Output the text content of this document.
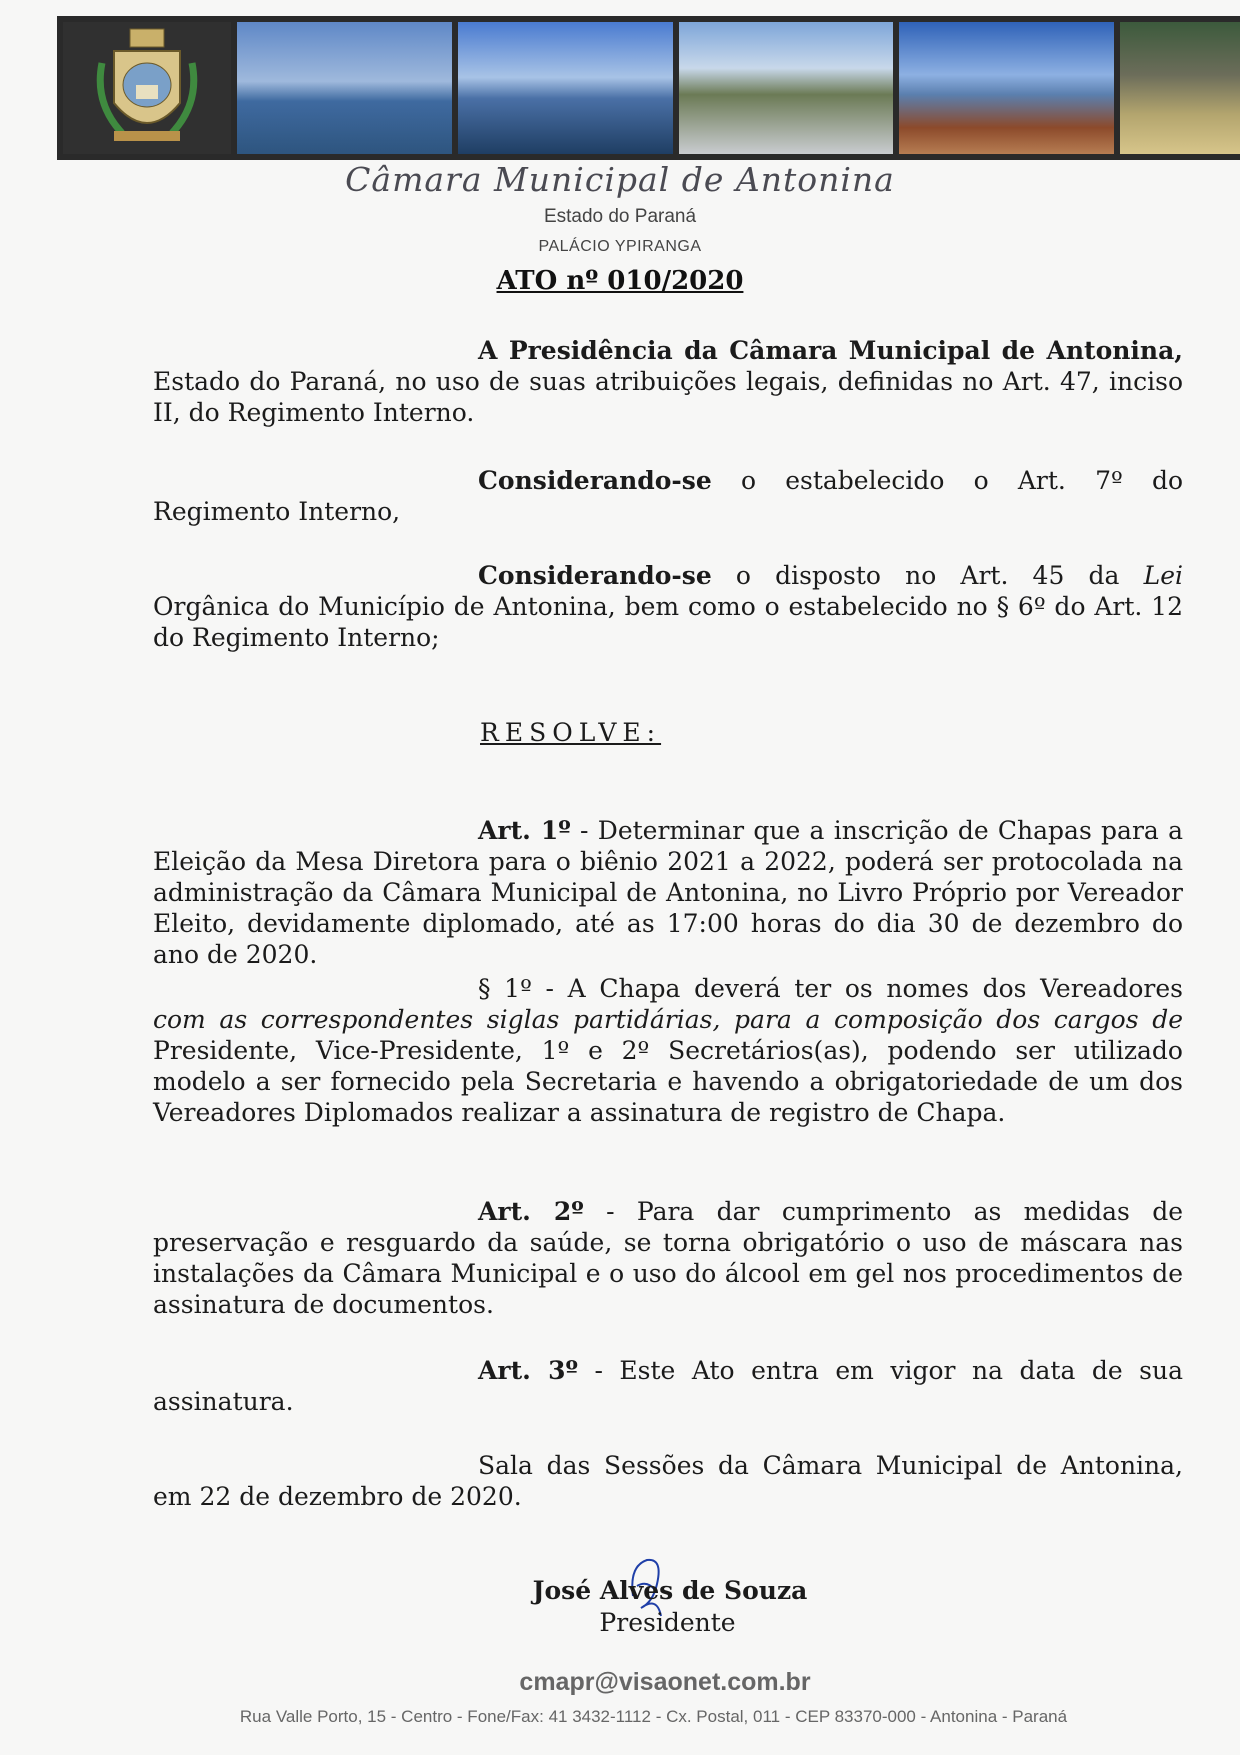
Câmara Municipal de Antonina
Estado do Paraná
PALÁCIO YPIRANGA
ATO nº 010/2020
A Presidência da Câmara Municipal de Antonina, Estado do Paraná, no uso de suas atribuições legais, definidas no Art. 47, inciso II, do Regimento Interno.
Considerando-se o estabelecido o Art. 7º do Regimento Interno,
Considerando-se o disposto no Art. 45 da Lei Orgânica do Município de Antonina, bem como o estabelecido no § 6º do Art. 12 do Regimento Interno;
RESOLVE:
Art. 1º - Determinar que a inscrição de Chapas para a Eleição da Mesa Diretora para o biênio 2021 a 2022, poderá ser protocolada na administração da Câmara Municipal de Antonina, no Livro Próprio por Vereador Eleito, devidamente diplomado, até as 17:00 horas do dia 30 de dezembro do ano de 2020.
§ 1º - A Chapa deverá ter os nomes dos Vereadores com as correspondentes siglas partidárias, para a composição dos cargos de Presidente, Vice-Presidente, 1º e 2º Secretários(as), podendo ser utilizado modelo a ser fornecido pela Secretaria e havendo a obrigatoriedade de um dos Vereadores Diplomados realizar a assinatura de registro de Chapa.
Art. 2º - Para dar cumprimento as medidas de preservação e resguardo da saúde, se torna obrigatório o uso de máscara nas instalações da Câmara Municipal e o uso do álcool em gel nos procedimentos de assinatura de documentos.
Art. 3º - Este Ato entra em vigor na data de sua assinatura.
Sala das Sessões da Câmara Municipal de Antonina, em 22 de dezembro de 2020.
José Alves de Souza
Presidente
cmapr@visaonet.com.br
Rua Valle Porto, 15 - Centro - Fone/Fax: 41 3432-1112 - Cx. Postal, 011 - CEP 83370-000 - Antonina - Paraná
